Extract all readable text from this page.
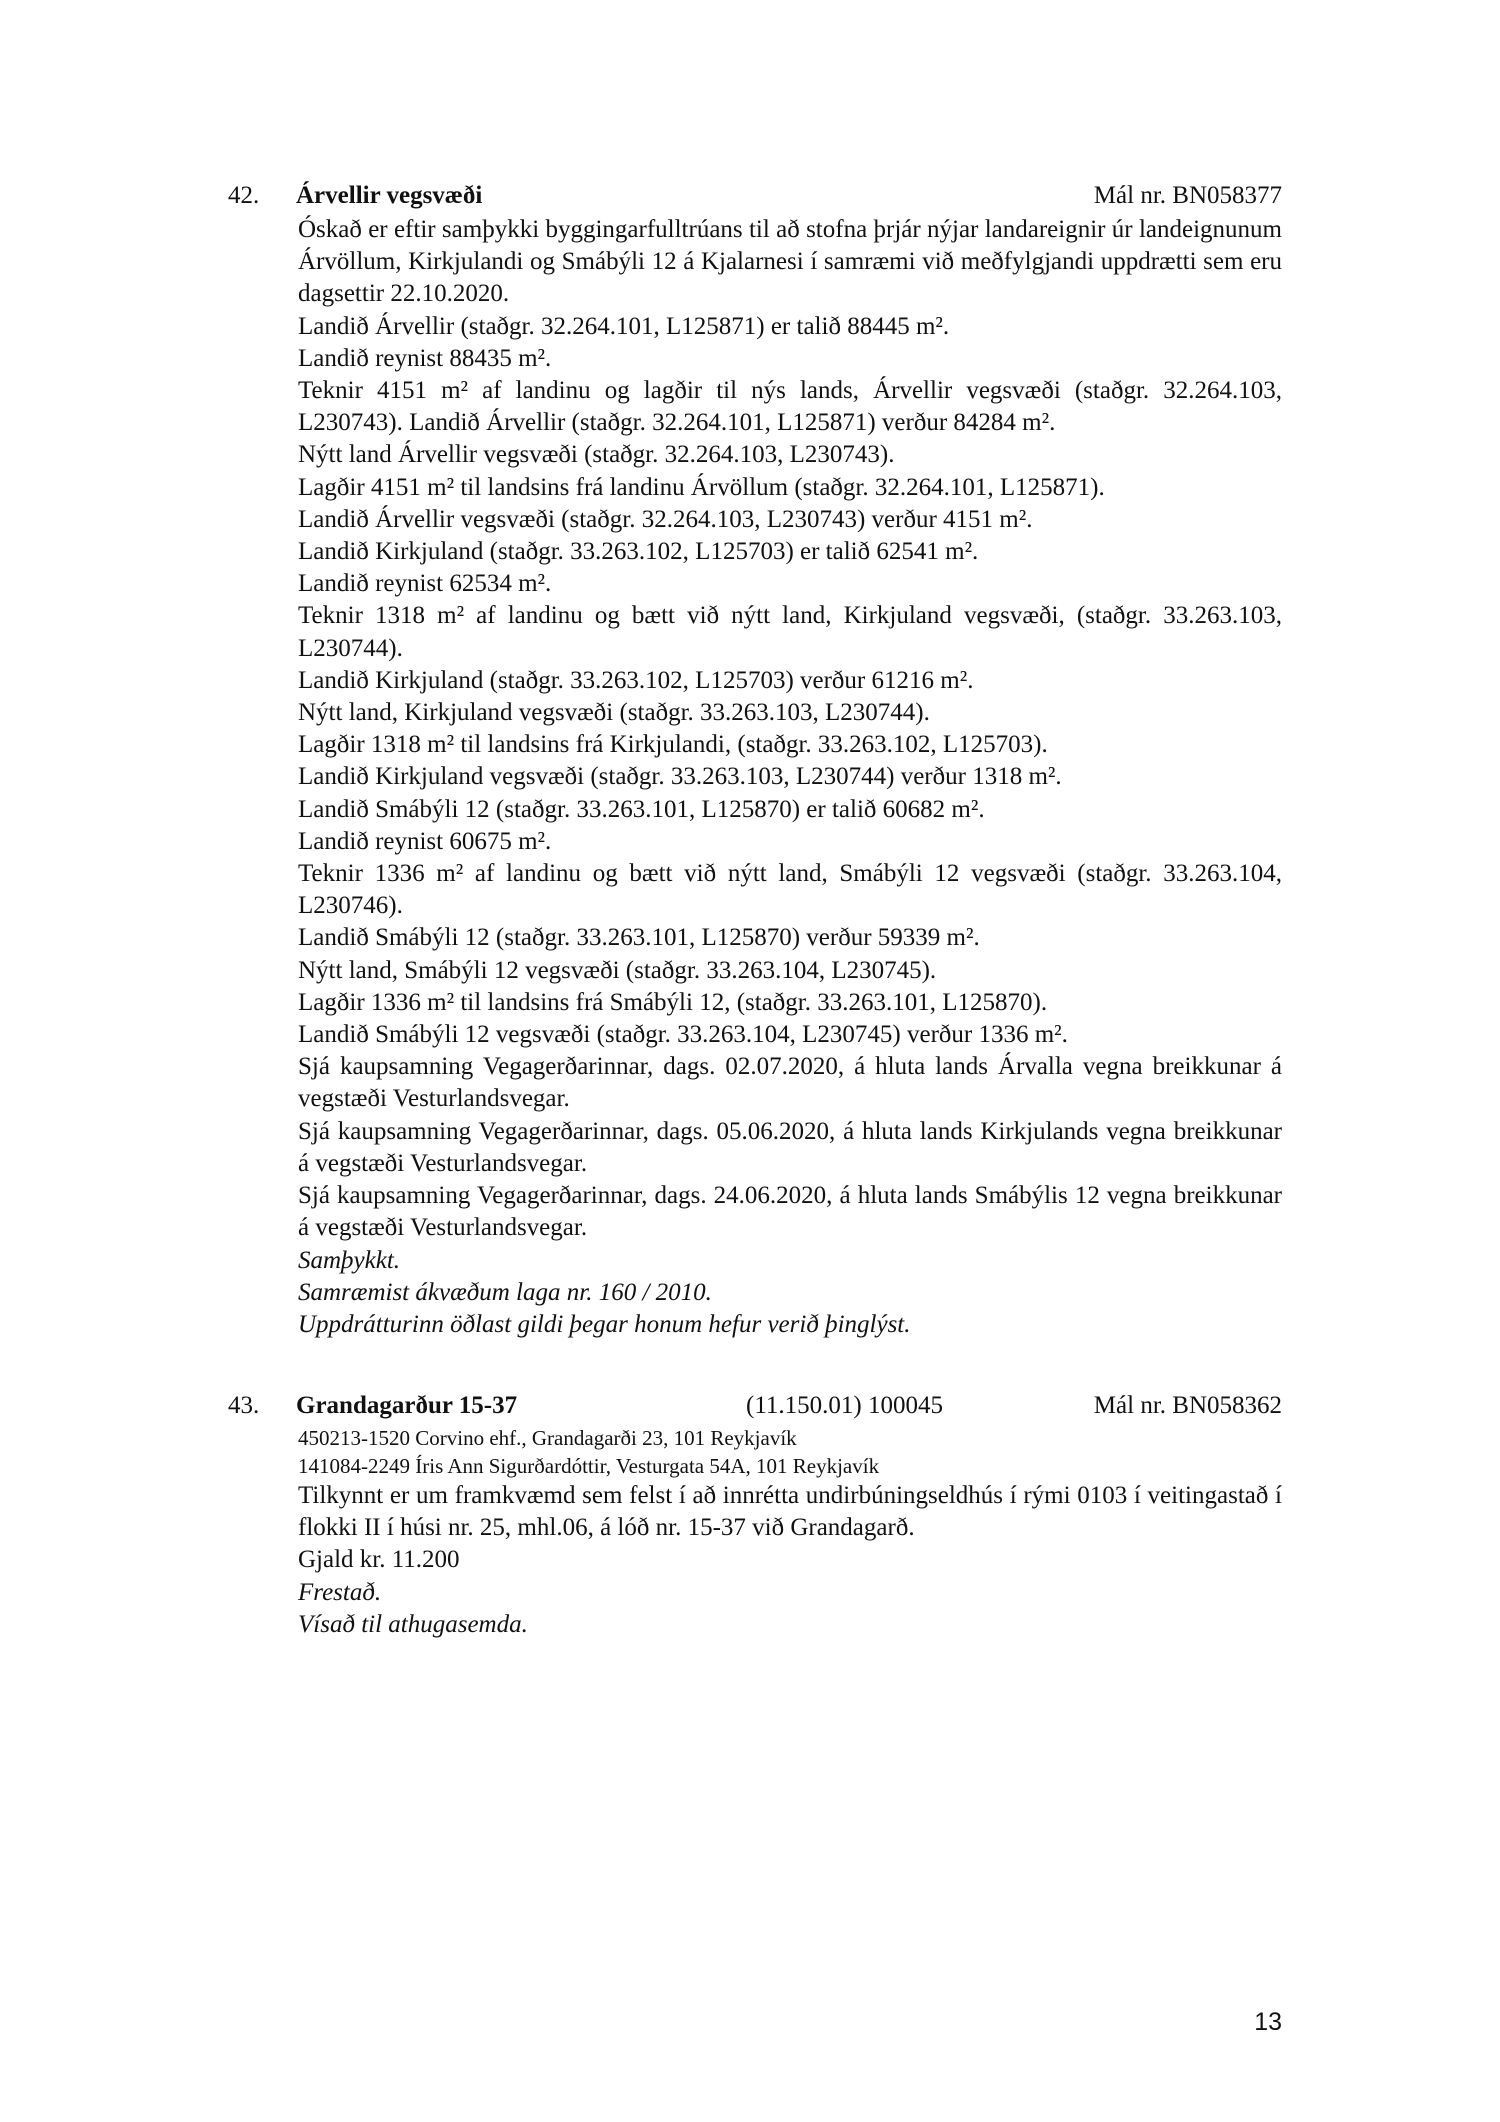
42. Árvellir vegsvæði	Mál nr. BN058377

Óskað er eftir samþykki byggingarfulltrúans til að stofna þrjár nýjar landareignir úr landeignunum Árvöllum, Kirkjulandi og Smábýli 12 á Kjalarnesi í samræmi við meðfylgjandi uppdrætti sem eru dagsettir 22.10.2020.

Landið Árvellir (staðgr. 32.264.101, L125871) er talið 88445 m².

Landið reynist 88435 m².

Teknir 4151 m² af landinu og lagðir til nýs lands, Árvellir vegsvæði (staðgr. 32.264.103, L230743). Landið Árvellir (staðgr. 32.264.101, L125871) verður 84284 m².

Nýtt land Árvellir vegsvæði (staðgr. 32.264.103, L230743).

Lagðir 4151 m² til landsins frá landinu Árvöllum (staðgr. 32.264.101, L125871).

Landið Árvellir vegsvæði (staðgr. 32.264.103, L230743) verður 4151 m².

Landið Kirkjuland (staðgr. 33.263.102, L125703) er talið 62541 m².

Landið reynist 62534 m².

Teknir 1318 m² af landinu og bætt við nýtt land, Kirkjuland vegsvæði, (staðgr. 33.263.103, L230744).

Landið Kirkjuland (staðgr. 33.263.102, L125703) verður 61216 m².

Nýtt land, Kirkjuland vegsvæði (staðgr. 33.263.103, L230744).

Lagðir 1318 m² til landsins frá Kirkjulandi, (staðgr. 33.263.102, L125703).

Landið Kirkjuland vegsvæði (staðgr. 33.263.103, L230744) verður 1318 m².

Landið Smábýli 12 (staðgr. 33.263.101, L125870) er talið 60682 m².

Landið reynist 60675 m².

Teknir 1336 m² af landinu og bætt við nýtt land, Smábýli 12 vegsvæði (staðgr. 33.263.104, L230746).

Landið Smábýli 12 (staðgr. 33.263.101, L125870) verður 59339 m².

Nýtt land, Smábýli 12 vegsvæði (staðgr. 33.263.104, L230745).

Lagðir 1336 m² til landsins frá Smábýli 12, (staðgr. 33.263.101, L125870).

Landið Smábýli 12 vegsvæði (staðgr. 33.263.104, L230745) verður 1336 m².

Sjá kaupsamning Vegagerðarinnar, dags. 02.07.2020, á hluta lands Árvalla vegna breikkunar á vegstæði Vesturlandsvegar.

Sjá kaupsamning Vegagerðarinnar, dags. 05.06.2020, á hluta lands Kirkjulands vegna breikkunar á vegstæði Vesturlandsvegar.

Sjá kaupsamning Vegagerðarinnar, dags. 24.06.2020, á hluta lands Smábýlis 12 vegna breikkunar á vegstæði Vesturlandsvegar.

Samþykkt.

Samræmist ákvæðum laga nr. 160 / 2010.

Uppdrátturinn öðlast gildi þegar honum hefur verið þinglýst.

43. Grandagarður 15-37	(11.150.01) 100045	Mál nr. BN058362

450213-1520 Corvino ehf., Grandagarði 23, 101 Reykjavík

141084-2249 Íris Ann Sigurðardóttir, Vesturgata 54A, 101 Reykjavík

Tilkynnt er um framkvæmd sem felst í að innrétta undirbúningseldhús í rými 0103 í veitingastað í flokki II í húsi nr. 25, mhl.06, á lóð nr. 15-37 við Grandagarð.

Gjald kr. 11.200

Frestað.

Vísað til athugasemda.

13
